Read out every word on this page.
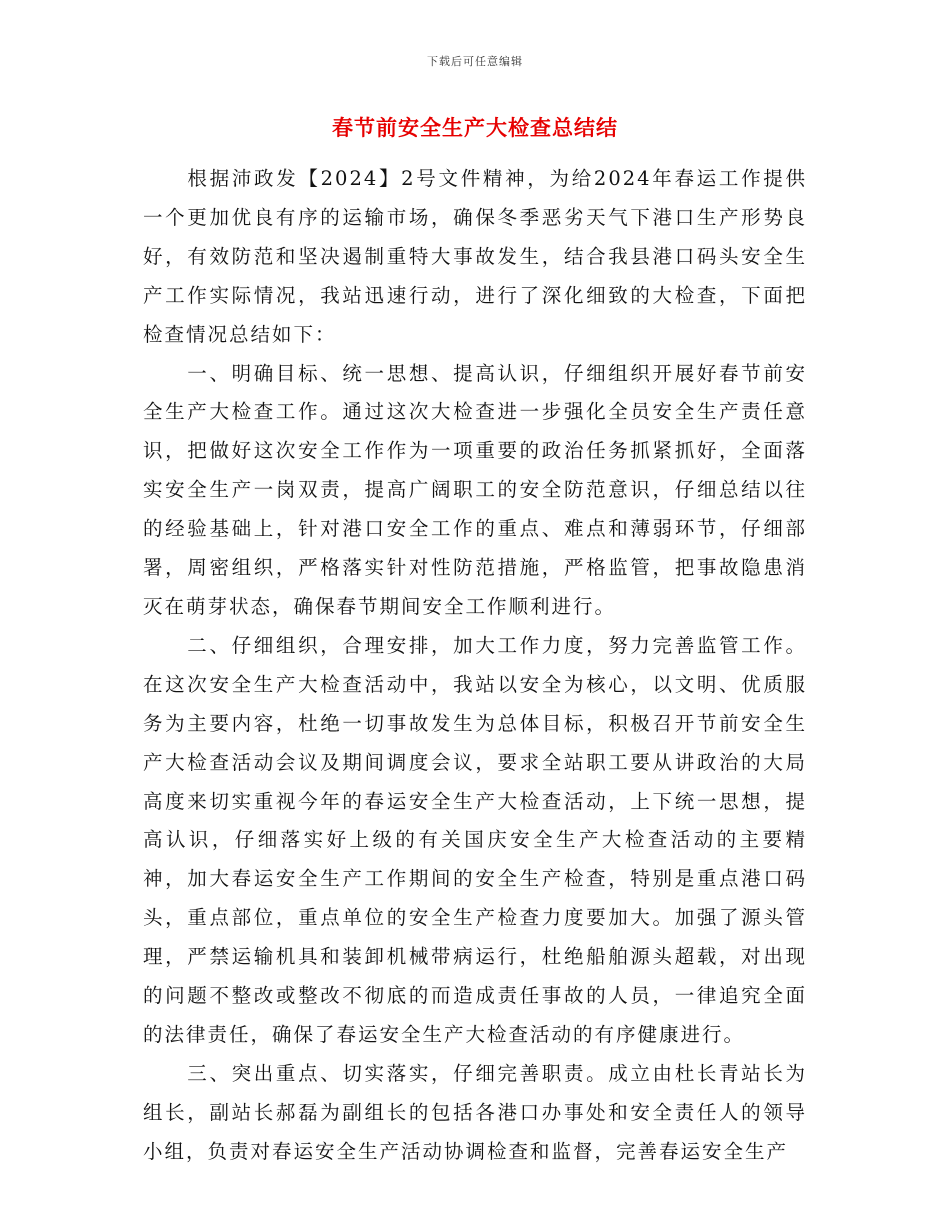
下载后可任意编辑
春节前安全生产大检查总结结

　　根据沛政发【2024】2号文件精神，为给2024年春运工作提供一个更加优良有序的运输市场，确保冬季恶劣天气下港口生产形势良好，有效防范和坚决遏制重特大事故发生，结合我县港口码头安全生产工作实际情况，我站迅速行动，进行了深化细致的大检查，下面把检查情况总结如下：

　　一、明确目标、统一思想、提高认识，仔细组织开展好春节前安全生产大检查工作。通过这次大检查进一步强化全员安全生产责任意识，把做好这次安全工作作为一项重要的政治任务抓紧抓好，全面落实安全生产一岗双责，提高广阔职工的安全防范意识，仔细总结以往的经验基础上，针对港口安全工作的重点、难点和薄弱环节，仔细部署，周密组织，严格落实针对性防范措施，严格监管，把事故隐患消灭在萌芽状态，确保春节期间安全工作顺利进行。

　　二、仔细组织，合理安排，加大工作力度，努力完善监管工作。在这次安全生产大检查活动中，我站以安全为核心，以文明、优质服务为主要内容，杜绝一切事故发生为总体目标，积极召开节前安全生产大检查活动会议及期间调度会议，要求全站职工要从讲政治的大局高度来切实重视今年的春运安全生产大检查活动，上下统一思想，提高认识，仔细落实好上级的有关国庆安全生产大检查活动的主要精神，加大春运安全生产工作期间的安全生产检查，特别是重点港口码头，重点部位，重点单位的安全生产检查力度要加大。加强了源头管理，严禁运输机具和装卸机械带病运行，杜绝船舶源头超载，对出现的问题不整改或整改不彻底的而造成责任事故的人员，一律追究全面的法律责任，确保了春运安全生产大检查活动的有序健康进行。

　　三、突出重点、切实落实，仔细完善职责。成立由杜长青站长为组长，副站长郝磊为副组长的包括各港口办事处和安全责任人的领导小组，负责对春运安全生产活动协调检查和监督，完善春运安全生产
